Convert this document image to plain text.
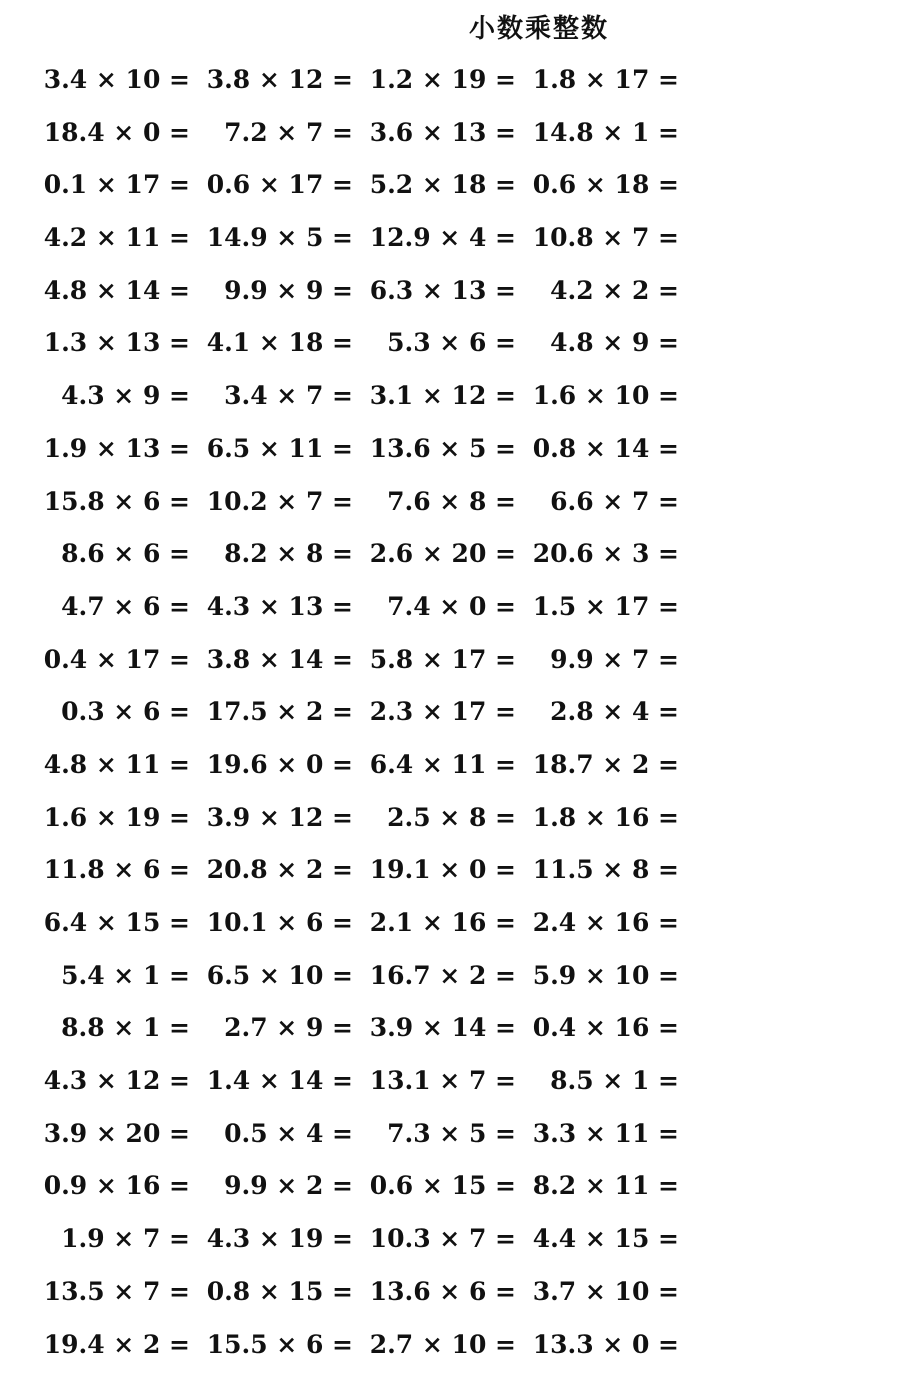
小数乘整数
3.4 × 10 = 3.8 × 12 = 1.2 × 19 = 1.8 × 17 =
18.4 × 0 =	7.2 × 7 = 3.6 × 13 = 14.8 × 1 =
0.1 × 17 = 0.6 × 17 = 5.2 × 18 = 0.6 × 18 =
4.2 × 11 = 14.9 × 5 = 12.9 × 4 = 10.8 × 7 =
4.8 × 14 =	9.9 × 9 = 6.3 × 13 =	4.2 × 2 =
1.3 × 13 = 4.1 × 18 =	5.3 × 6 =	4.8 × 9 =
4.3 × 9 =	3.4 × 7 = 3.1 × 12 = 1.6 × 10 =
1.9 × 13 = 6.5 × 11 = 13.6 × 5 = 0.8 × 14 =
15.8 × 6 = 10.2 × 7 =	7.6 × 8 =	6.6 × 7 =
8.6 × 6 =	8.2 × 8 = 2.6 × 20 = 20.6 × 3 =
4.7 × 6 = 4.3 × 13 =	7.4 × 0 = 1.5 × 17 =
0.4 × 17 = 3.8 × 14 = 5.8 × 17 =	9.9 × 7 =
0.3 × 6 = 17.5 × 2 = 2.3 × 17 =	2.8 × 4 =
4.8 × 11 = 19.6 × 0 = 6.4 × 11 = 18.7 × 2 =
1.6 × 19 = 3.9 × 12 =	2.5 × 8 = 1.8 × 16 =
11.8 × 6 = 20.8 × 2 = 19.1 × 0 = 11.5 × 8 =
6.4 × 15 = 10.1 × 6 = 2.1 × 16 = 2.4 × 16 =
5.4 × 1 = 6.5 × 10 = 16.7 × 2 = 5.9 × 10 =
8.8 × 1 =	2.7 × 9 = 3.9 × 14 = 0.4 × 16 =
4.3 × 12 = 1.4 × 14 = 13.1 × 7 =	8.5 × 1 =
3.9 × 20 =	0.5 × 4 =	7.3 × 5 = 3.3 × 11 =
0.9 × 16 =	9.9 × 2 = 0.6 × 15 = 8.2 × 11 =
1.9 × 7 = 4.3 × 19 = 10.3 × 7 = 4.4 × 15 =
13.5 × 7 = 0.8 × 15 = 13.6 × 6 = 3.7 × 10 =
19.4 × 2 = 15.5 × 6 = 2.7 × 10 = 13.3 × 0 =
